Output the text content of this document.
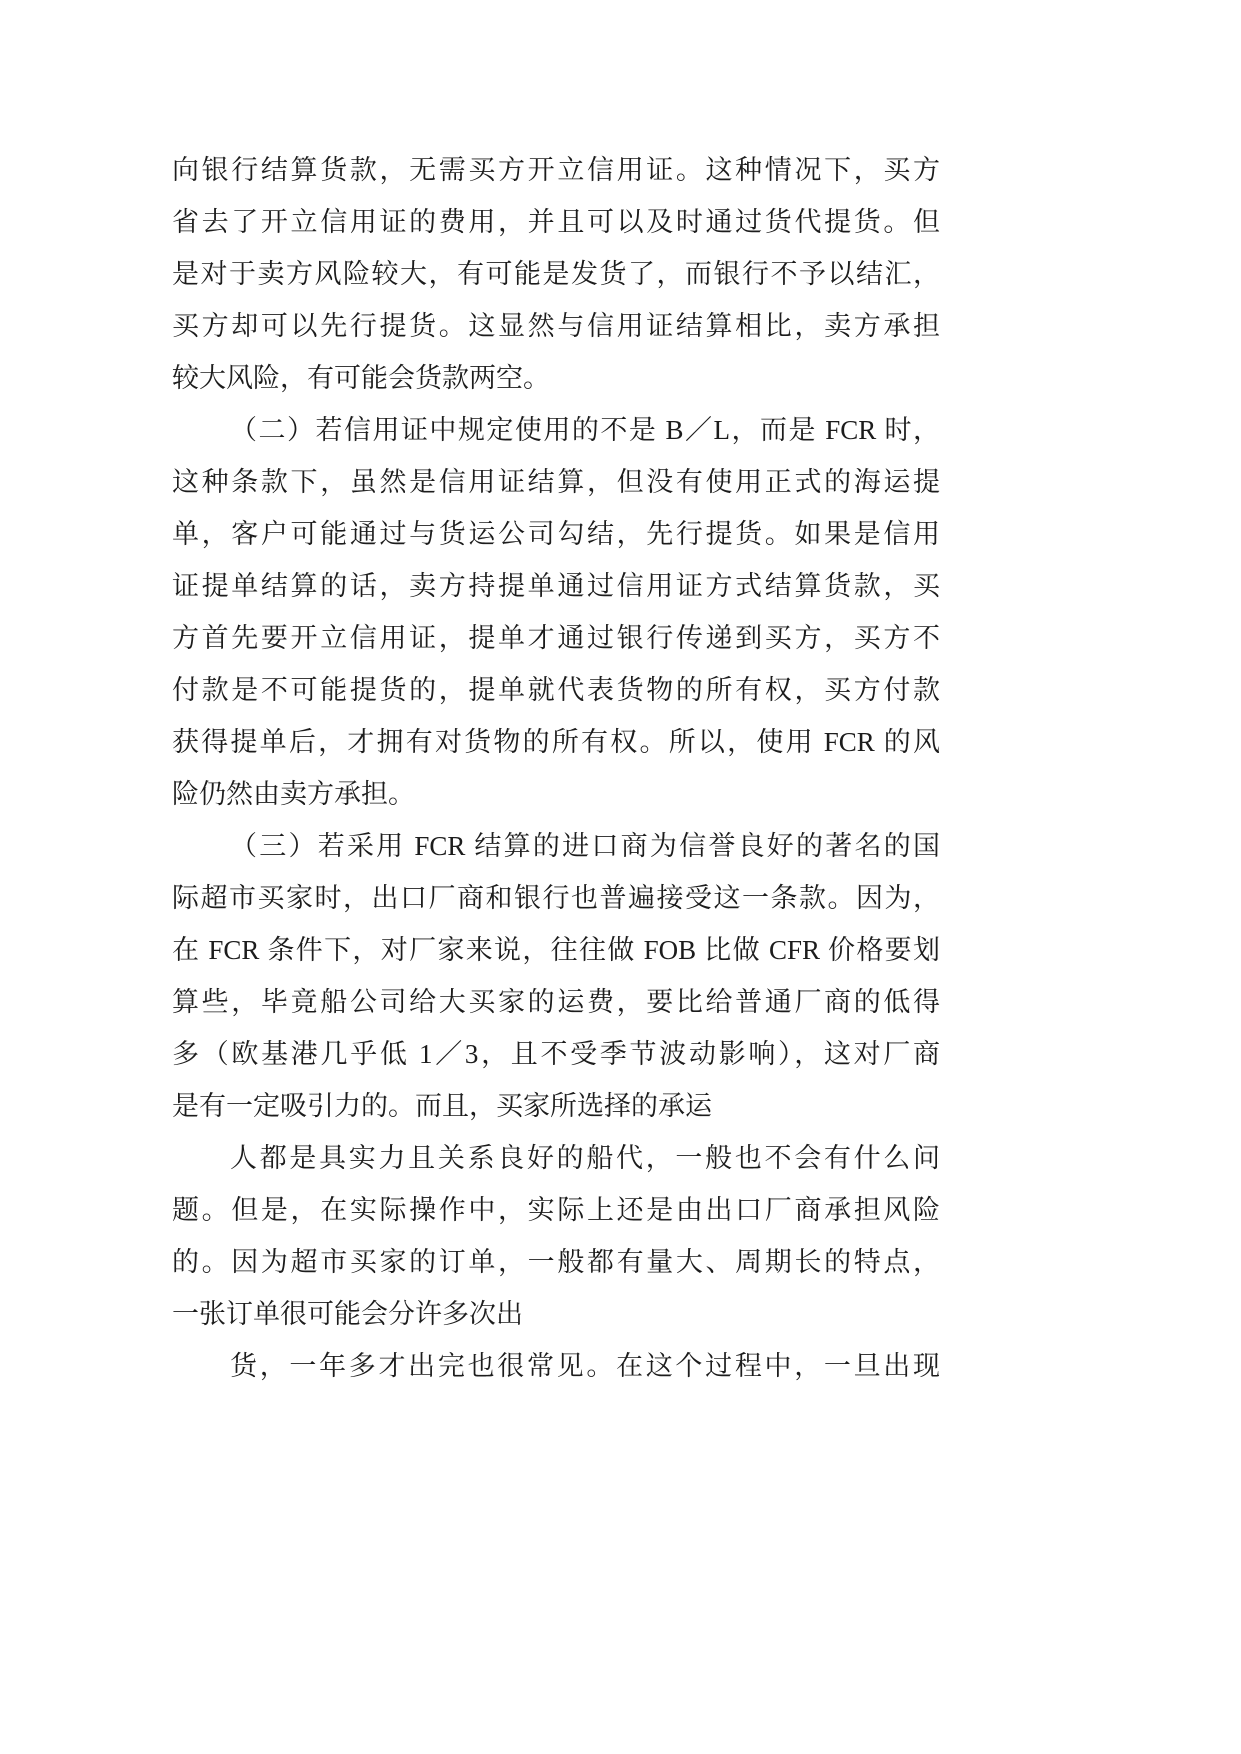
向银行结算货款，无需买方开立信用证。这种情况下，买方
省去了开立信用证的费用，并且可以及时通过货代提货。但
是对于卖方风险较大，有可能是发货了，而银行不予以结汇，
买方却可以先行提货。这显然与信用证结算相比，卖方承担
较大风险，有可能会货款两空。
（二）若信用证中规定使用的不是 B／L，而是 FCR 时，
这种条款下，虽然是信用证结算，但没有使用正式的海运提
单，客户可能通过与货运公司勾结，先行提货。如果是信用
证提单结算的话，卖方持提单通过信用证方式结算货款，买
方首先要开立信用证，提单才通过银行传递到买方，买方不
付款是不可能提货的，提单就代表货物的所有权，买方付款
获得提单后，才拥有对货物的所有权。所以，使用 FCR 的风
险仍然由卖方承担。
（三）若采用 FCR 结算的进口商为信誉良好的著名的国
际超市买家时，出口厂商和银行也普遍接受这一条款。因为，
在 FCR 条件下，对厂家来说，往往做 FOB 比做 CFR 价格要划
算些，毕竟船公司给大买家的运费，要比给普通厂商的低得
多（欧基港几乎低 1／3，且不受季节波动影响），这对厂商
是有一定吸引力的。而且，买家所选择的承运
人都是具实力且关系良好的船代，一般也不会有什么问
题。但是，在实际操作中，实际上还是由出口厂商承担风险
的。因为超市买家的订单，一般都有量大、周期长的特点，
一张订单很可能会分许多次出
货，一年多才出完也很常见。在这个过程中，一旦出现
